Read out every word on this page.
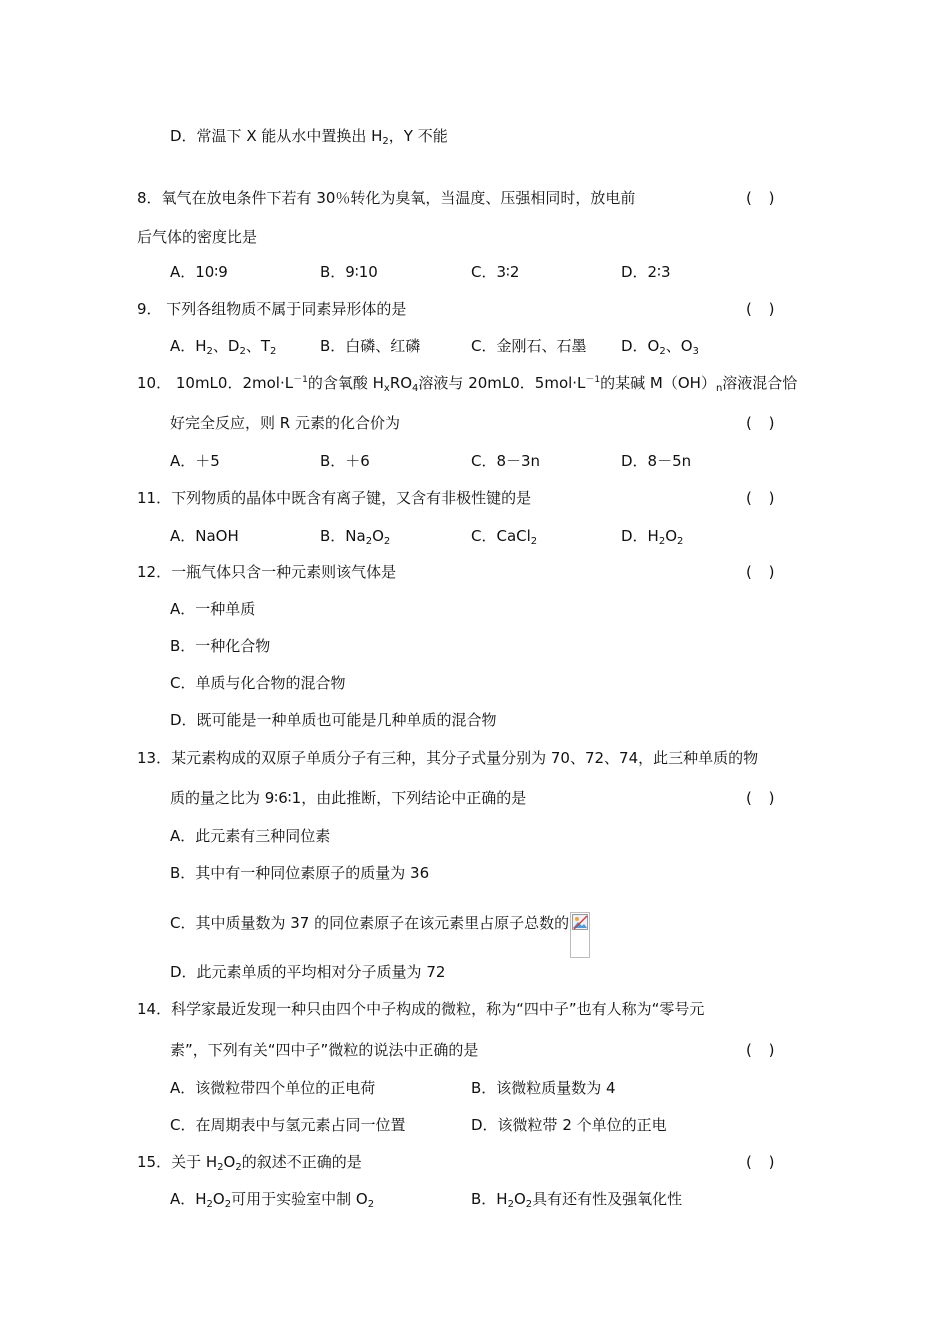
D．常温下 X 能从水中置换出 $H_2$，Y 不能
8．氧气在放电条件下若有 30％转化为臭氧，当温度、压强相同时，放电前	( )
后气体的密度比是
A．10∶9	B．9∶10	C．3∶2	D．2∶3
9． 下列各组物质不属于同素异形体的是	( )
A．$H_2$、$D_2$、$T_2$	B．白磷、红磷	C．金刚石、石墨 D．$O_2$、$O_3$
10． 10mL0．$2mol\cdot L^{-1}$的含氧酸 $H_xRO_4$溶液与 20mL0．$5mol\cdot L^{-1}$的某碱 $M(OH)_n$溶液混合恰
好完全反应，则 R 元素的化合价为	( )
A．＋5	B．＋6	C．8－3n	D．8－5n
11．下列物质的晶体中既含有离子键，又含有非极性键的是	( )
A．NaOH	B．$Na_2O_2$	C．CaCl$_2$	D．$H_2O_2$
12．一瓶气体只含一种元素则该气体是	( )
A．一种单质
B．一种化合物
C．单质与化合物的混合物
D．既可能是一种单质也可能是几种单质的混合物
13．某元素构成的双原子单质分子有三种，其分子式量分别为 70、72、74，此三种单质的物
质的量之比为 9∶6∶1，由此推断，下列结论中正确的是	( )
A．此元素有三种同位素
B．其中有一种同位素原子的质量为 36
C．其中质量数为 37 的同位素原子在该元素里占原子总数的
D．此元素单质的平均相对分子质量为 72
14．科学家最近发现一种只由四个中子构成的微粒，称为“四中子”也有人称为“零号元
素”，下列有关“四中子”微粒的说法中正确的是	( )
A．该微粒带四个单位的正电荷	B．该微粒质量数为 4
C．在周期表中与氢元素占同一位置	D．该微粒带 2 个单位的正电
15．关于 $H_2O_2$的叙述不正确的是	( )
A．$H_2O_2$可用于实验室中制 $O_2$	B．$H_2O_2$具有还有性及强氧化性
